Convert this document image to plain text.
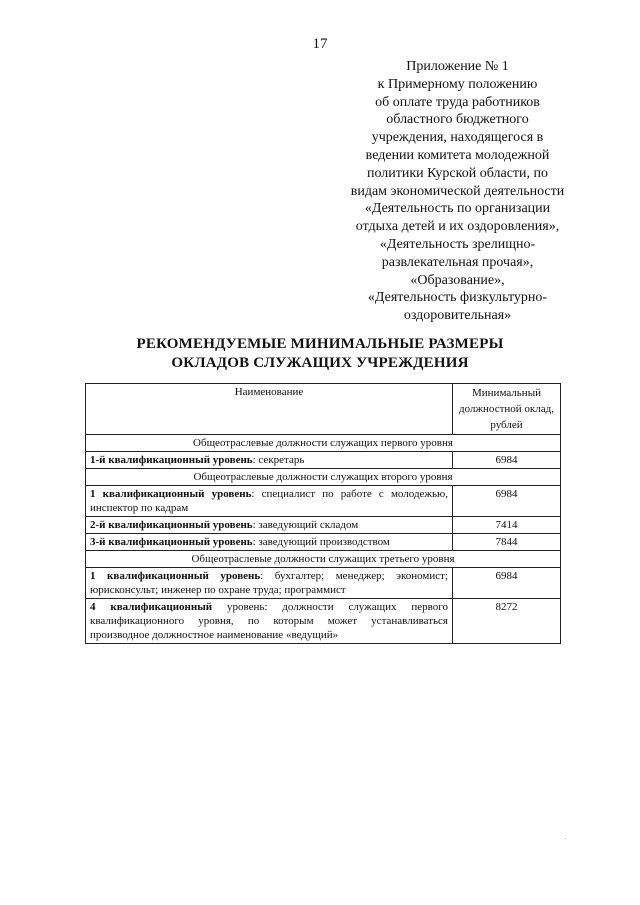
17
Приложение № 1
к Примерному положению
об оплате труда работников
областного бюджетного
учреждения, находящегося в
ведении комитета молодежной
политики Курской области, по
видам экономической деятельности
«Деятельность по организации
отдыха детей и их оздоровления»,
«Деятельность зрелищно-
развлекательная прочая»,
«Образование»,
«Деятельность физкультурно-
оздоровительная»
РЕКОМЕНДУЕМЫЕ МИНИМАЛЬНЫЕ РАЗМЕРЫ
ОКЛАДОВ СЛУЖАЩИХ УЧРЕЖДЕНИЯ
Наименование	Минимальный
должностной оклад,
рублей

Общеотраслевые должности служащих первого уровня	
1-й квалификационный уровень: секретарь	6984
Общеотраслевые должности служащих второго уровня	
1 квалификационный уровень: специалист по работе с молодежью, инспектор по кадрам	6984
2-й квалификационный уровень: заведующий складом	7414
3-й квалификационный уровень: заведующий производством	7844
Общеотраслевые должности служащих третьего уровня	
1 квалификационный уровень: бухгалтер; менеджер; экономист; юрисконсульт; инженер по охране труда; программист	6984
4 квалификационный уровень: должности служащих первого квалификационного уровня, по которым может устанавливаться производное должностное наименование «ведущий»	8272
